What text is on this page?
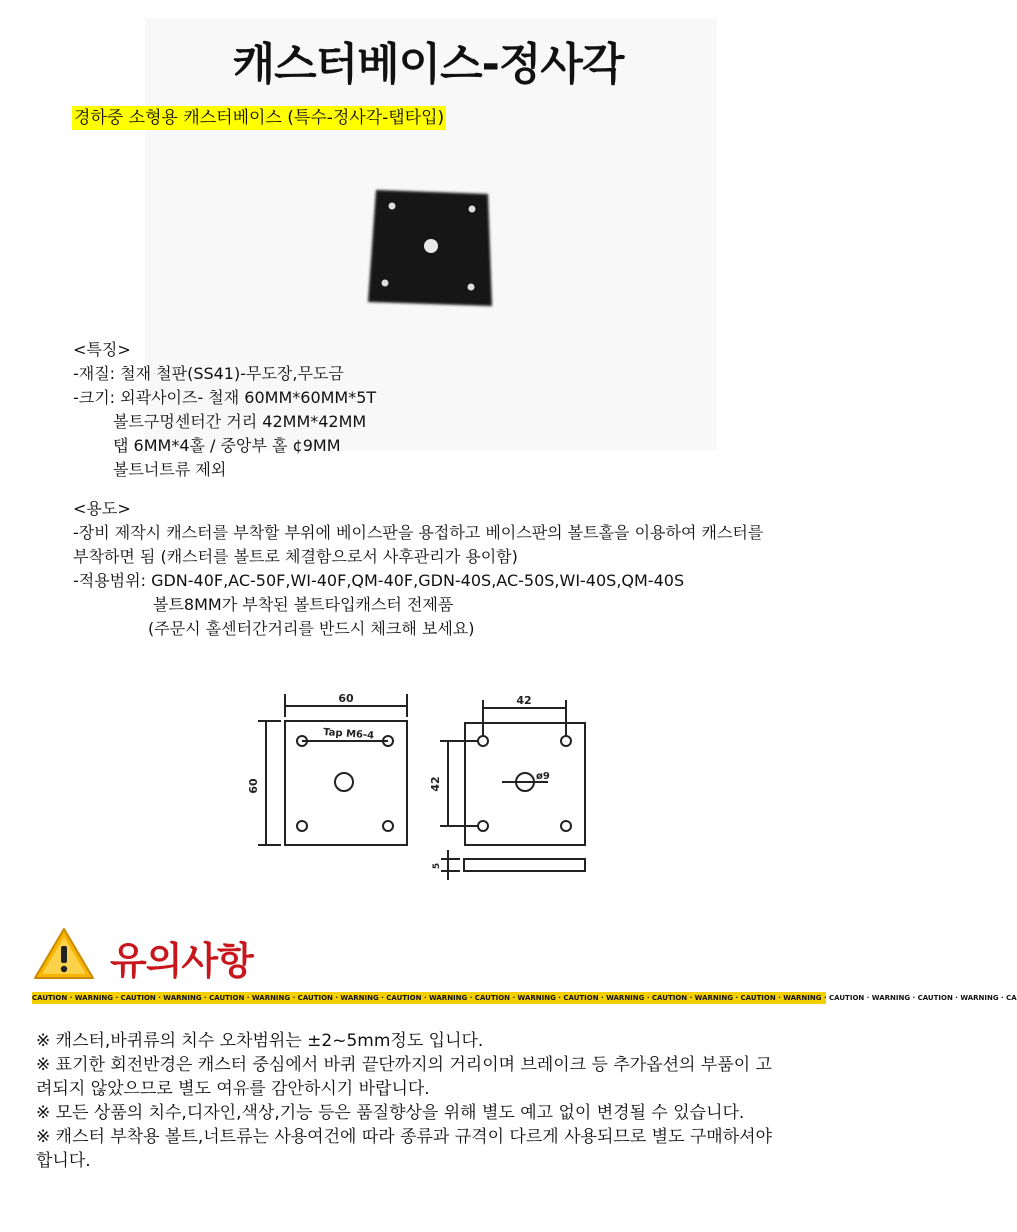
캐스터베이스-정사각
경하중 소형용 캐스터베이스 (특수-정사각-탭타입)
<특징>
-재질: 철재 철판(SS41)-무도장,무도금
-크기: 외곽사이즈- 철재 60MM*60MM*5T
볼트구멍센터간 거리 42MM*42MM
탭 6MM*4홀 / 중앙부 홀 ¢9MM
볼트너트류 제외
<용도>
-장비 제작시 캐스터를 부착할 부위에 베이스판을 용접하고 베이스판의 볼트홀을 이용하여 캐스터를
부착하면 됨 (캐스터를 볼트로 체결함으로서 사후관리가 용이함)
-적용범위: GDN-40F,AC-50F,WI-40F,QM-40F,GDN-40S,AC-50S,WI-40S,QM-40S
볼트8MM가 부착된 볼트타입캐스터 전제품
(주문시 홀센터간거리를 반드시 체크해 보세요)
60
60
Tap M6-4
42
42	ø9
5
유의사항
CAUTION · WARNING · CAUTION · WARNING · CAUTION · WARNING · CAUTION · WARNING · CAUTION · WARNING · CAUTION · WARNING · CAUTION · WARNING · CAUTION · WARNING · CAUTION · WARNING · CAUTION · WARNING · CAUTION · WARNING · CA
※ 캐스터,바퀴류의 치수 오차범위는 ±2~5mm정도 입니다.
※ 표기한 회전반경은 캐스터 중심에서 바퀴 끝단까지의 거리이며 브레이크 등 추가옵션의 부품이 고
려되지 않았으므로 별도 여유를 감안하시기 바랍니다.
※ 모든 상품의 치수,디자인,색상,기능 등은 품질향상을 위해 별도 예고 없이 변경될 수 있습니다.
※ 캐스터 부착용 볼트,너트류는 사용여건에 따라 종류과 규격이 다르게 사용되므로 별도 구매하셔야
합니다.
